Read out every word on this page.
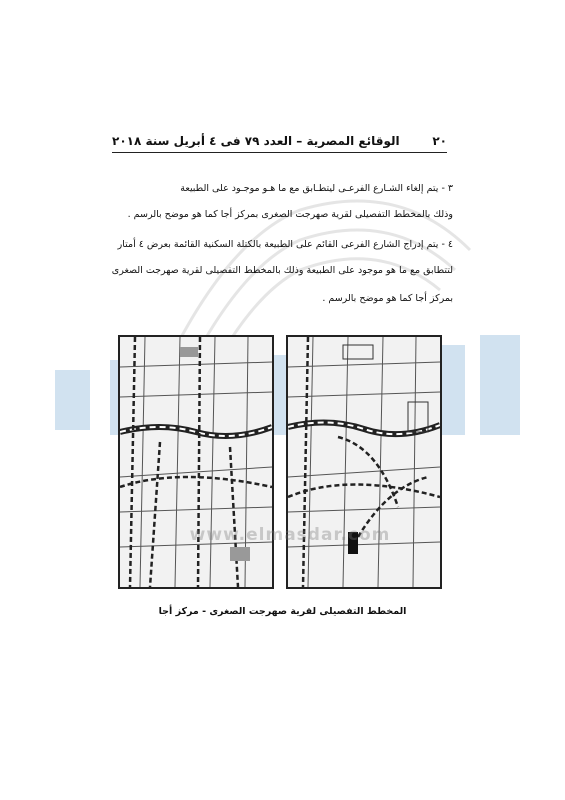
٢٠
الوقائع المصرية – العدد ٧٩ فى ٤ أبريل سنة ٢٠١٨
٣ - يتم إلغاء الشـارع الفرعـى ليتطـابق مع ما هـو موجـود على الطبيعة
وذلك بالمخطط التفصيلى لقرية صهرجت الصغرى بمركز أجا كما هو موضح بالرسم .
٤ - يتم إدراج الشارع الفرعى القائم على الطبيعة بالكتلة السكنية القائمة بعرض ٤ أمتار
لتتطابق مع ما هو موجود على الطبيعة وذلك بالمخطط التفصيلى لقرية صهرجت الصغرى
بمركز أجا كما هو موضح بالرسم .
www.elmasdar.com
المخطط التفصيلى لقرية صهرجت الصغرى - مركز أجا
